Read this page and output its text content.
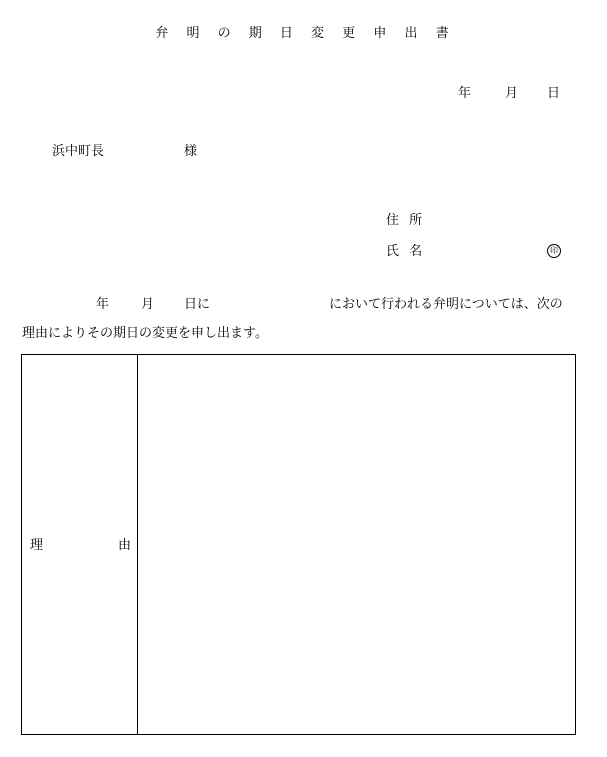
弁 明 の 期 日 変 更 申 出 書
年	月 日
浜中町長	様
住 所
氏 名	印
年 月 日に	において行われる弁明については、次の
理由によりその期日の変更を申し出ます。
理	由
